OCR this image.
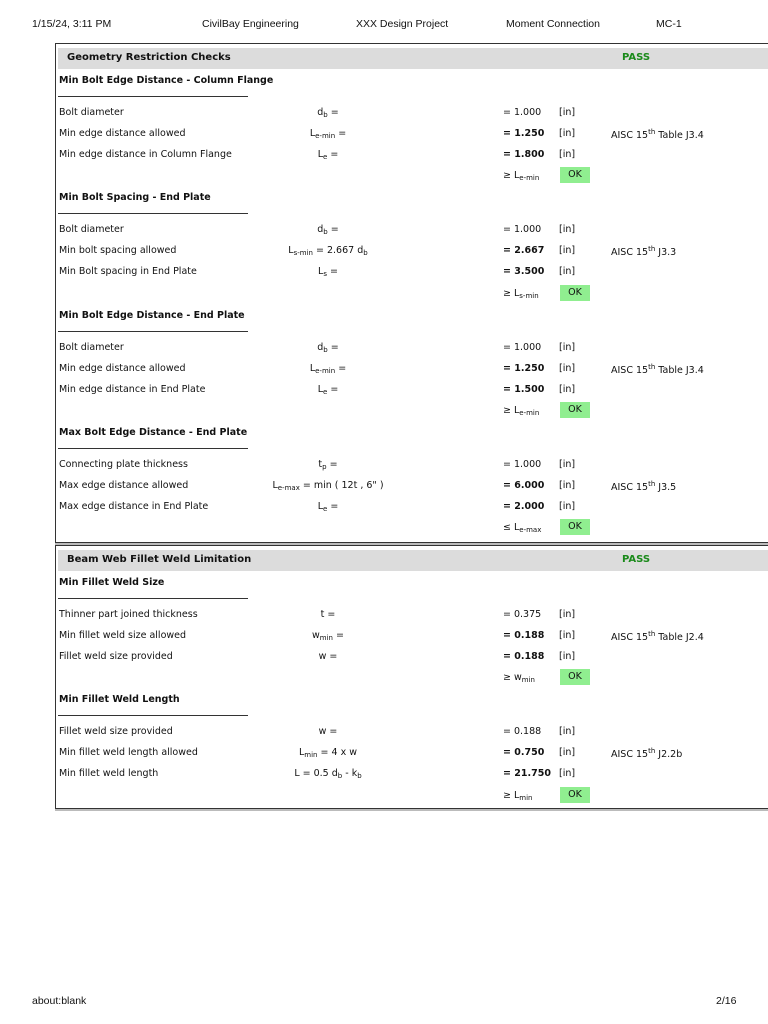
1/15/24, 3:11 PM	CivilBay Engineering	XXX Design Project	Moment Connection	MC-1
Geometry Restriction Checks	PASS
Min Bolt Edge Distance - Column Flange
Bolt diameter	$d_b$ =	= 1.000 [in]
Min edge distance allowed	$L_{e-min}$ =	= 1.250 [in]	AISC 15th Table J3.4
Min edge distance in Column Flange	$L_e$ =	= 1.800 [in]
≥ $L_{e-min}$	OK
Min Bolt Spacing - End Plate
Bolt diameter	$d_b$ =	= 1.000 [in]
Min bolt spacing allowed	$L_{s-min} = 2.667$ $d_b$	= 2.667 [in]	AISC 15th J3.3
Min Bolt spacing in End Plate	$L_s$ =	= 3.500 [in]
≥ $L_{s-min}$	OK
Min Bolt Edge Distance - End Plate
Bolt diameter	$d_b$ =	= 1.000 [in]
Min edge distance allowed	$L_{e-min}$ =	= 1.250 [in]	AISC 15th Table J3.4
Min edge distance in End Plate	$L_e$ =	= 1.500 [in]
≥ $L_{e-min}$	OK
Max Bolt Edge Distance - End Plate
Connecting plate thickness	$t_p$ =	= 1.000 [in]
Max edge distance allowed	$L_{e-max} = \min$ ( 12t , 6" )	= 6.000 [in]	AISC 15th J3.5
Max edge distance in End Plate	$L_e$ =	= 2.000 [in]
≤ $L_{e-max}$	OK
Beam Web Fillet Weld Limitation	PASS
Min Fillet Weld Size
Thinner part joined thickness	t =	= 0.375 [in]
Min fillet weld size allowed	$w_{min}$ =	= 0.188 [in]	AISC 15th Table J2.4
Fillet weld size provided	w =	= 0.188 [in]
≥ $w_{min}$	OK
Min Fillet Weld Length
Fillet weld size provided	w =	= 0.188 [in]
Min fillet weld length allowed	$L_{min} = 4$ x w	= 0.750 [in]	AISC 15th J2.2b
Min fillet weld length	L = 0.5 $d_b - k_b$	= 21.750 [in]
≥ $L_{min}$	OK
about:blank	2/16
